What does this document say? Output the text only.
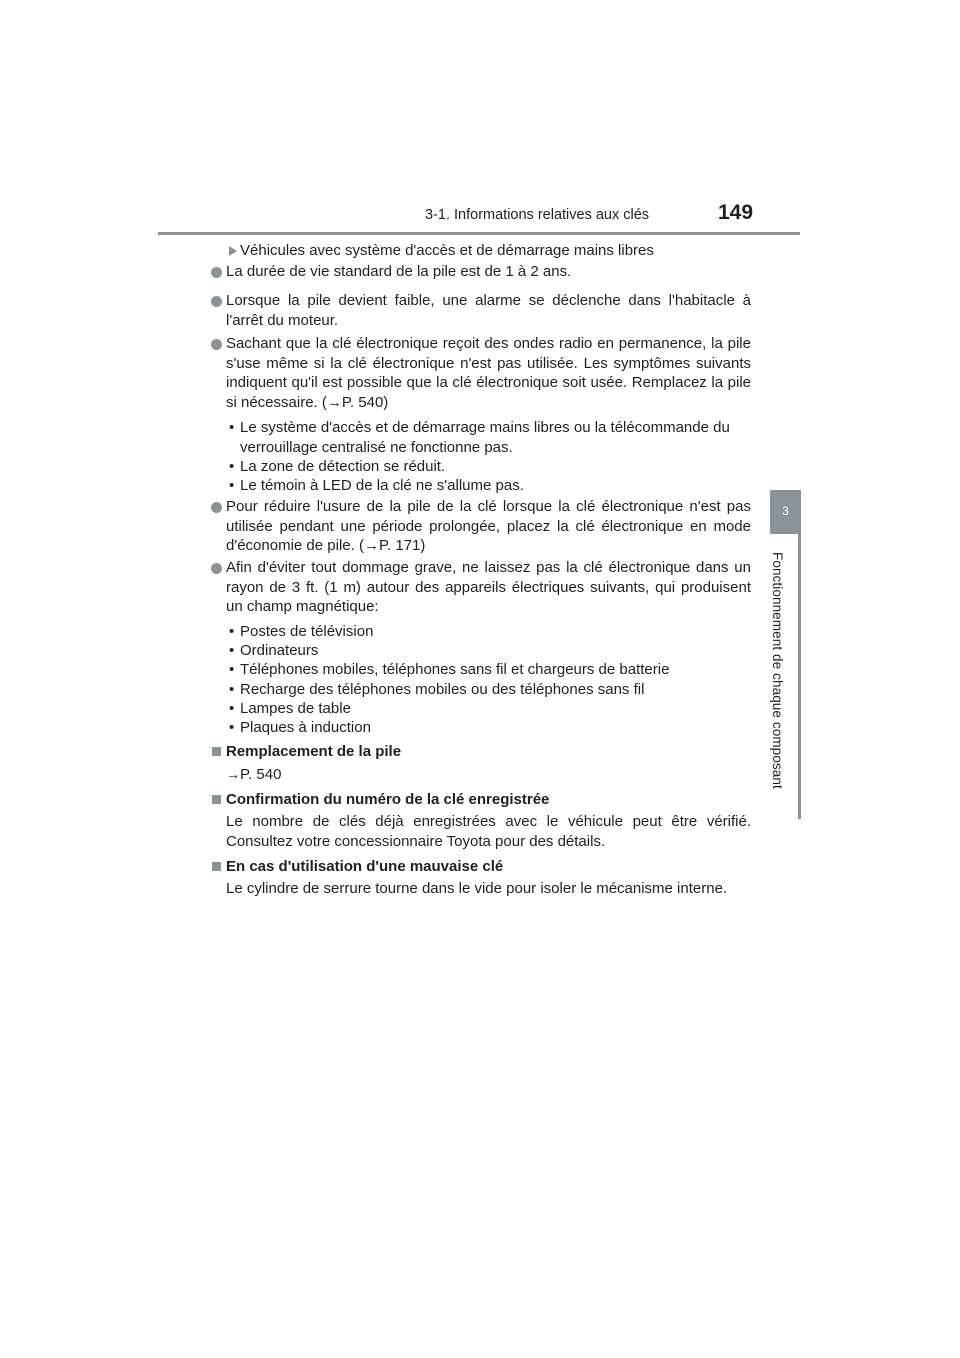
3-1. Informations relatives aux clés	149
3
Fonctionnement de chaque composant
Véhicules avec système d'accès et de démarrage mains libres
La durée de vie standard de la pile est de 1 à 2 ans.
Lorsque la pile devient faible, une alarme se déclenche dans l'habitacle à l'arrêt du moteur.
Sachant que la clé électronique reçoit des ondes radio en permanence, la pile s'use même si la clé électronique n'est pas utilisée. Les symptômes suivants indiquent qu'il est possible que la clé électronique soit usée. Remplacez la pile si nécessaire. (→P. 540)
• Le système d'accès et de démarrage mains libres ou la télécommande du verrouillage centralisé ne fonctionne pas.
• La zone de détection se réduit.
• Le témoin à LED de la clé ne s'allume pas.
Pour réduire l'usure de la pile de la clé lorsque la clé électronique n'est pas utilisée pendant une période prolongée, placez la clé électronique en mode d'économie de pile. (→P. 171)
Afin d'éviter tout dommage grave, ne laissez pas la clé électronique dans un rayon de 3 ft. (1 m) autour des appareils électriques suivants, qui produisent un champ magnétique:
• Postes de télévision
• Ordinateurs
• Téléphones mobiles, téléphones sans fil et chargeurs de batterie
• Recharge des téléphones mobiles ou des téléphones sans fil
• Lampes de table
• Plaques à induction
Remplacement de la pile
→P. 540
Confirmation du numéro de la clé enregistrée
Le nombre de clés déjà enregistrées avec le véhicule peut être vérifié. Consultez votre concessionnaire Toyota pour des détails.
En cas d'utilisation d'une mauvaise clé
Le cylindre de serrure tourne dans le vide pour isoler le mécanisme interne.
